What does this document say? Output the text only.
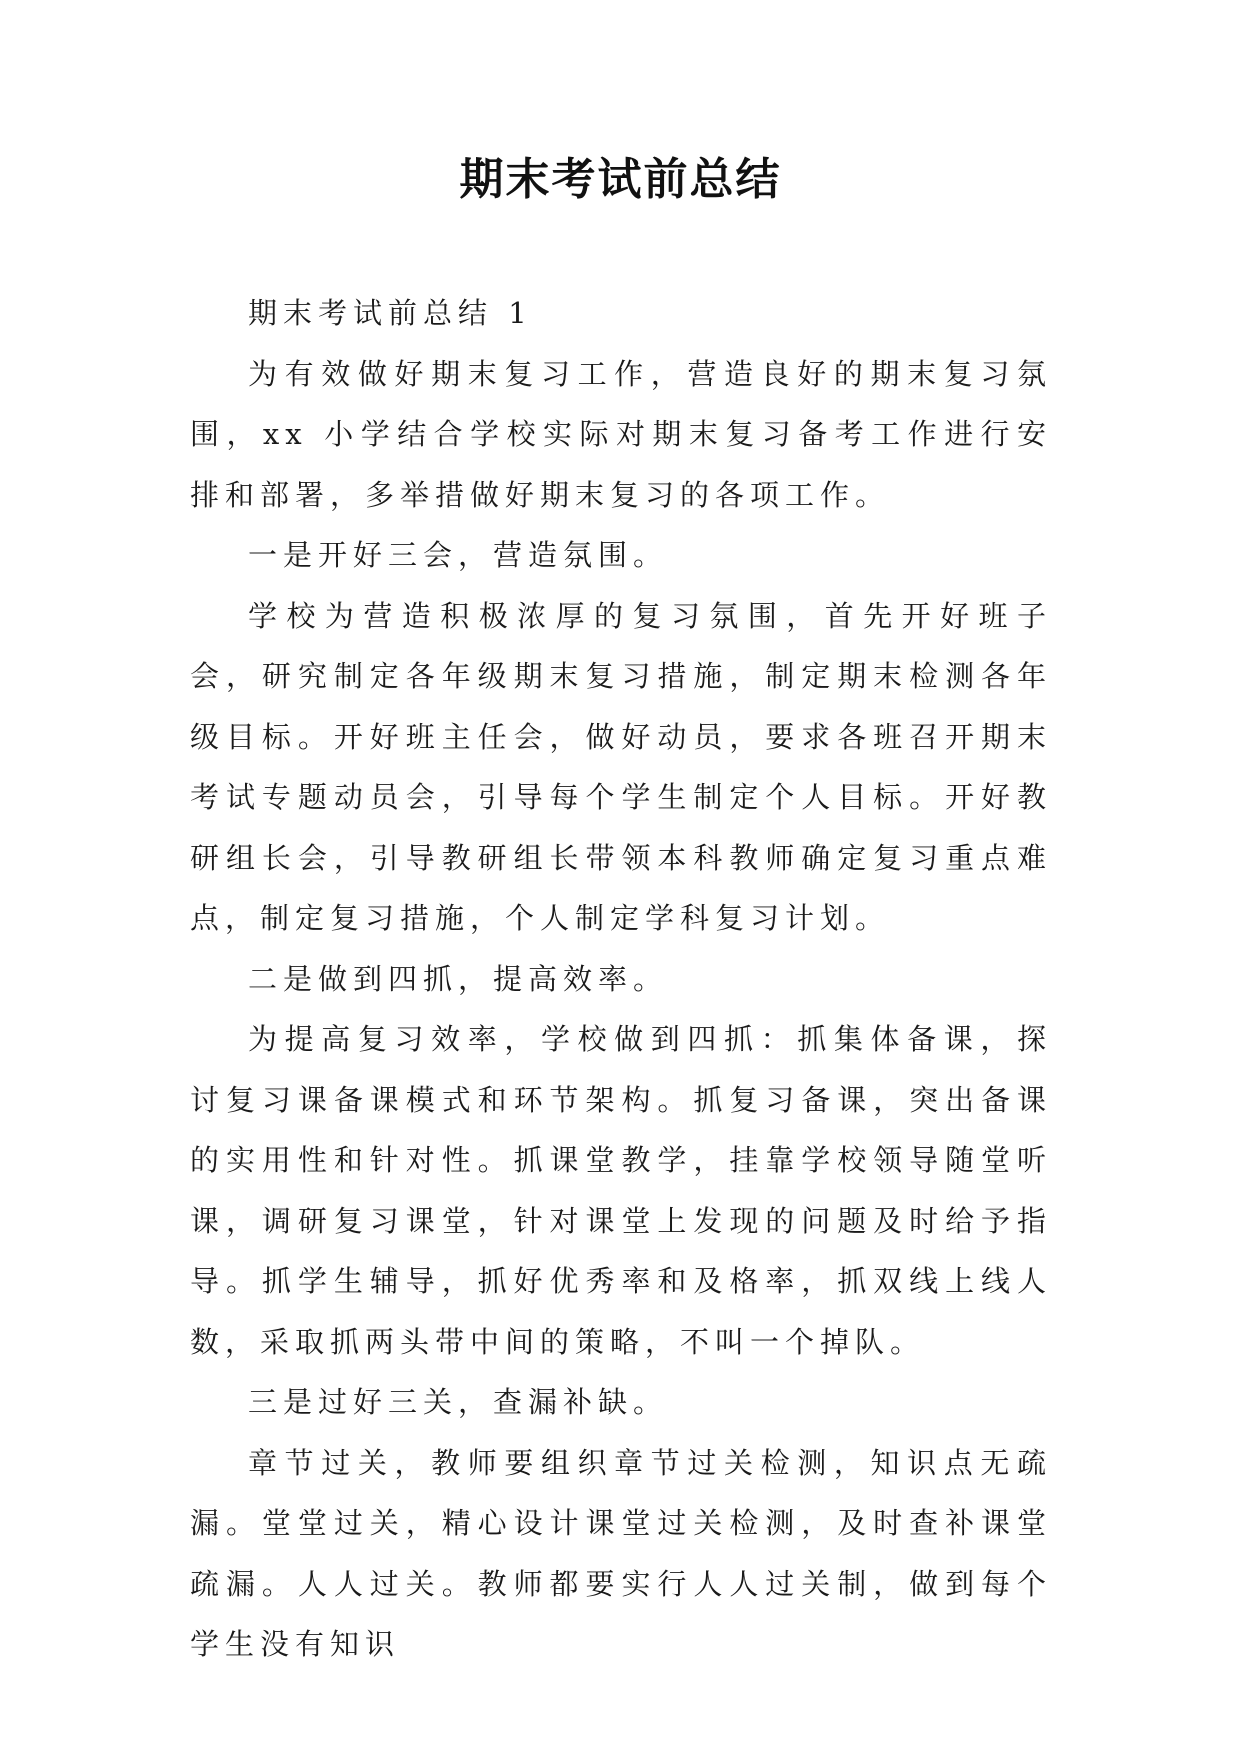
期末考试前总结

期末考试前总结 1

为有效做好期末复习工作，营造良好的期末复习氛围，xx 小学结合学校实际对期末复习备考工作进行安排和部署，多举措做好期末复习的各项工作。

一是开好三会，营造氛围。

学校为营造积极浓厚的复习氛围，首先开好班子会，研究制定各年级期末复习措施，制定期末检测各年级目标。开好班主任会，做好动员，要求各班召开期末考试专题动员会，引导每个学生制定个人目标。开好教研组长会，引导教研组长带领本科教师确定复习重点难点，制定复习措施，个人制定学科复习计划。

二是做到四抓，提高效率。

为提高复习效率，学校做到四抓：抓集体备课，探讨复习课备课模式和环节架构。抓复习备课，突出备课的实用性和针对性。抓课堂教学，挂靠学校领导随堂听课，调研复习课堂，针对课堂上发现的问题及时给予指导。抓学生辅导，抓好优秀率和及格率，抓双线上线人数，采取抓两头带中间的策略，不叫一个掉队。

三是过好三关，查漏补缺。

章节过关，教师要组织章节过关检测，知识点无疏漏。堂堂过关，精心设计课堂过关检测，及时查补课堂疏漏。人人过关。教师都要实行人人过关制，做到每个学生没有知识
